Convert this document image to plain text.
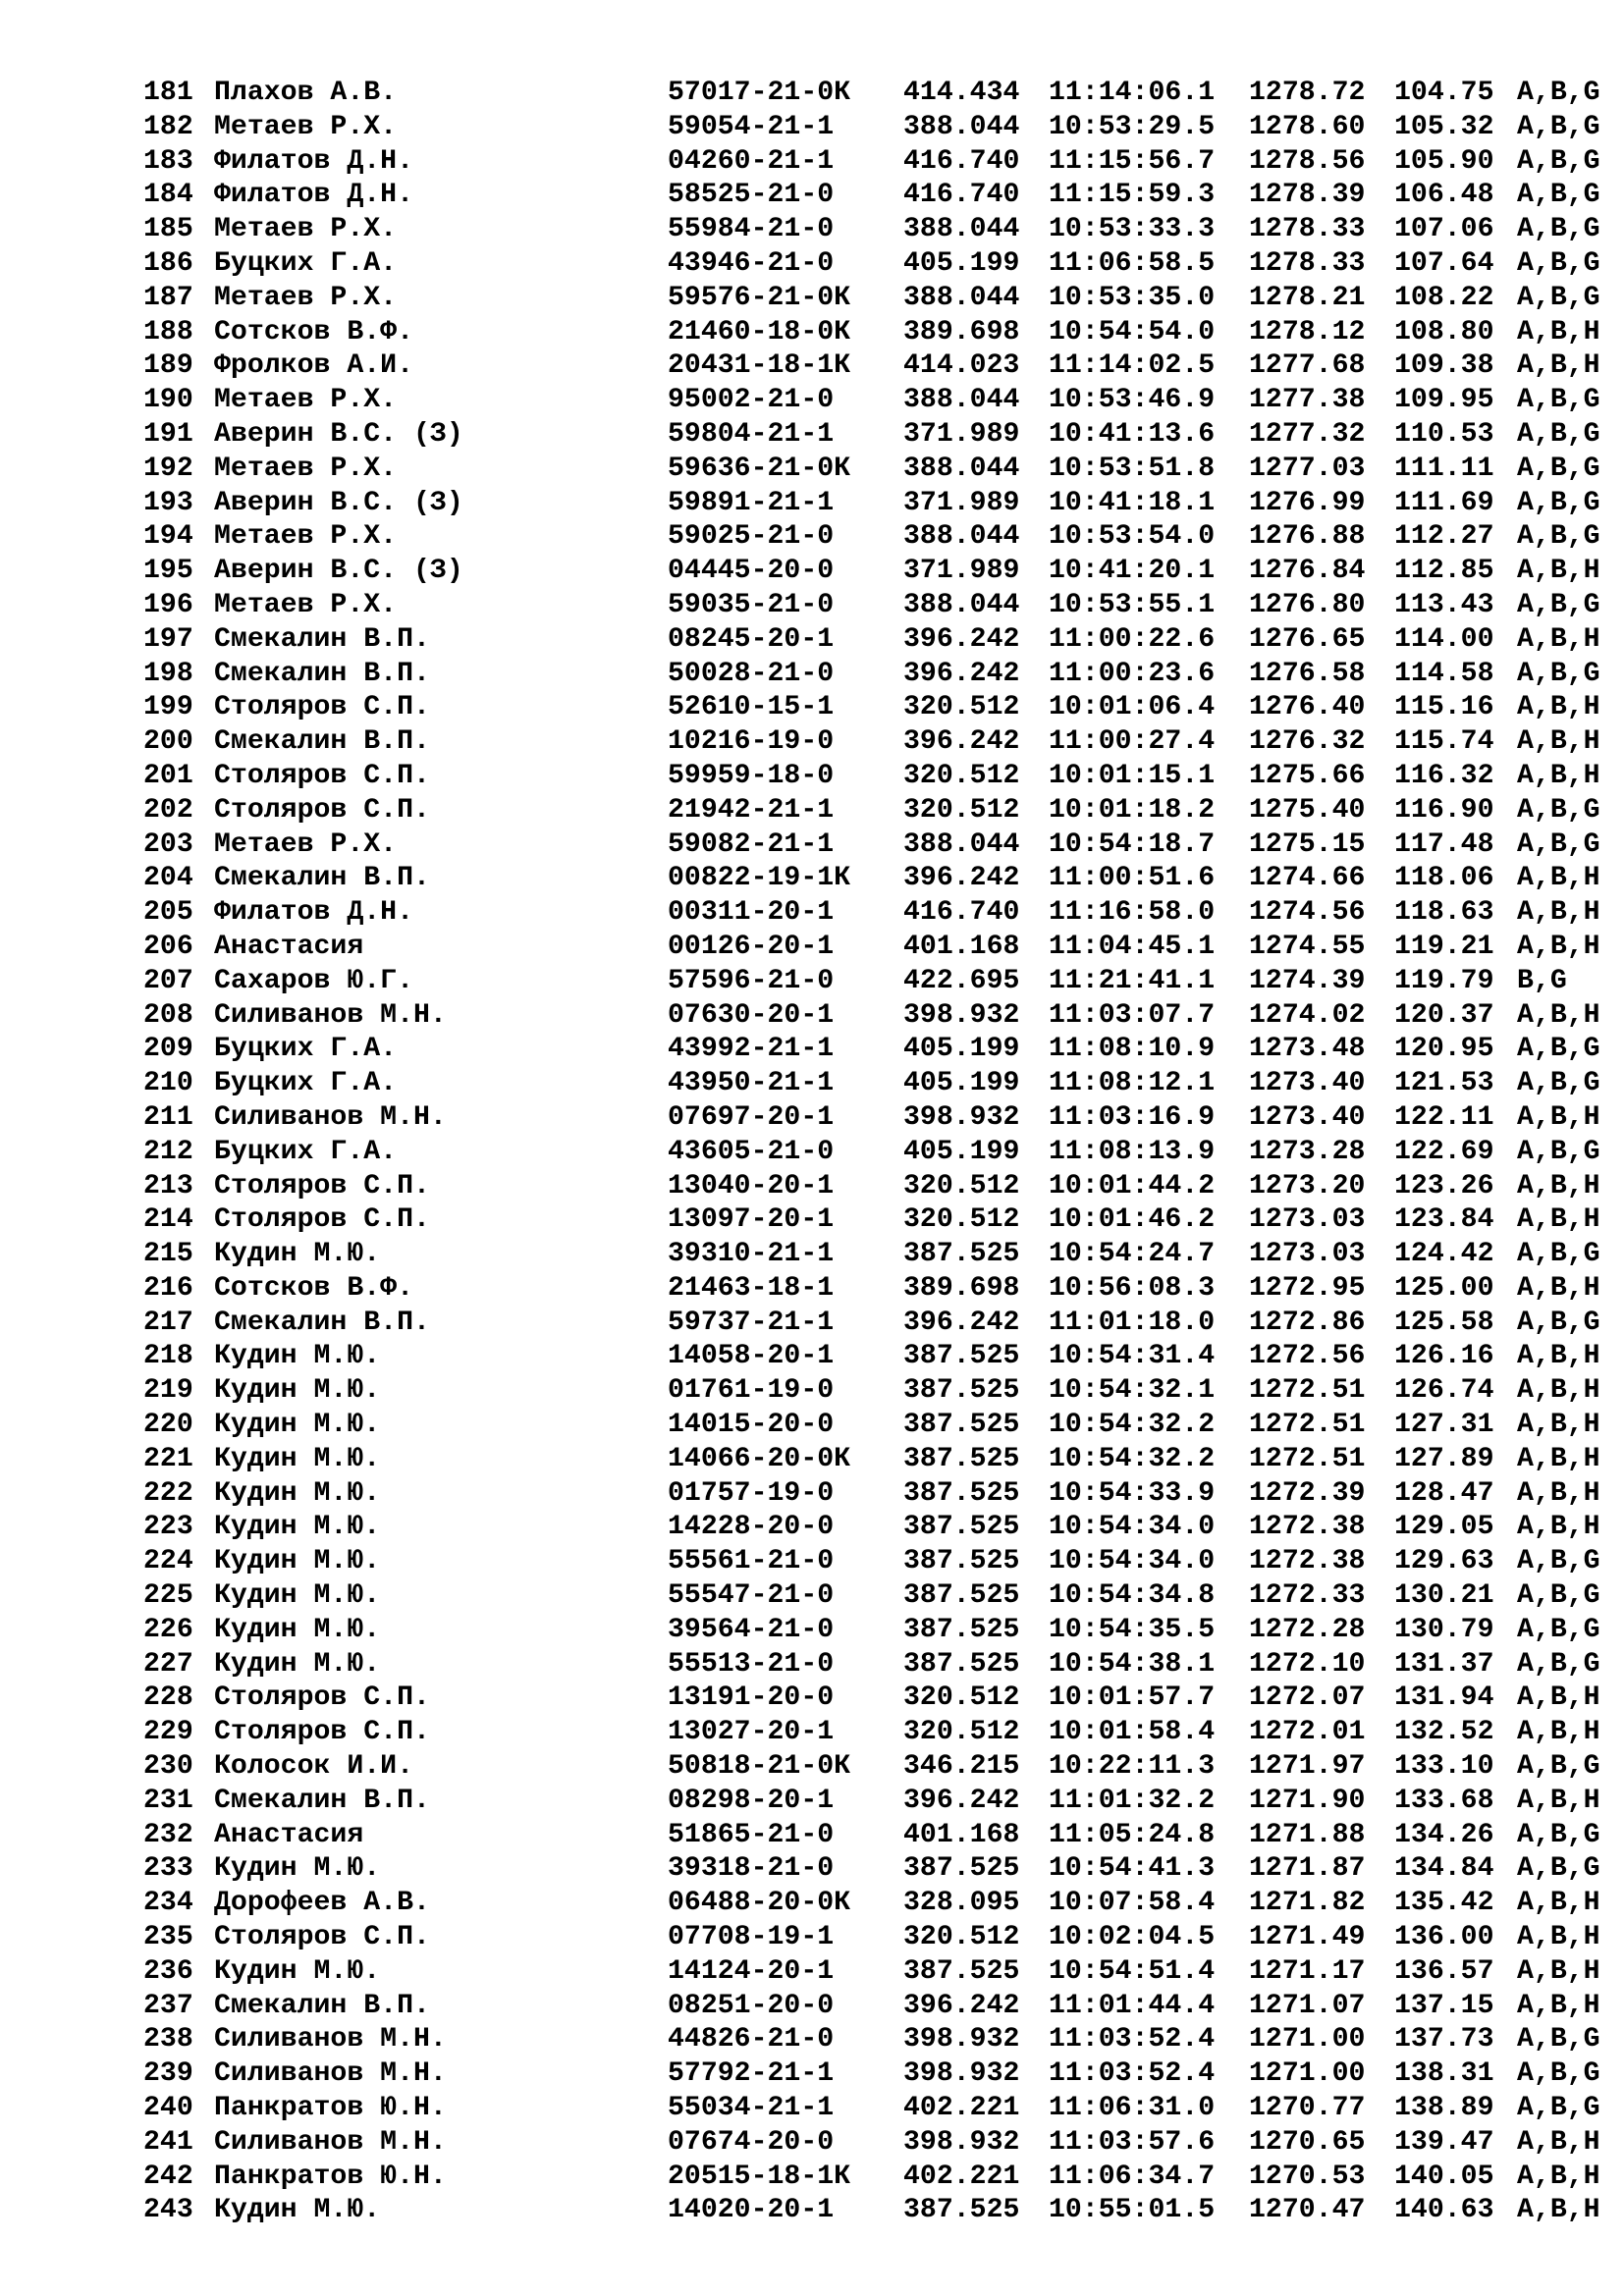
181 Плахов А.В.	57017-21-0К 414.434 11:14:06.1 1278.72 104.75 A,B,G
182 Метаев Р.Х.	59054-21-1	388.044 10:53:29.5 1278.60 105.32 A,B,G
183 Филатов Д.Н.	04260-21-1	416.740 11:15:56.7 1278.56 105.90 A,B,G
184 Филатов Д.Н.	58525-21-0	416.740 11:15:59.3 1278.39 106.48 A,B,G
185 Метаев Р.Х.	55984-21-0	388.044 10:53:33.3 1278.33 107.06 A,B,G
186 Буцких Г.А.	43946-21-0	405.199 11:06:58.5 1278.33 107.64 A,B,G
187 Метаев Р.Х.	59576-21-0К 388.044 10:53:35.0 1278.21 108.22 A,B,G
188 Сотсков В.Ф.	21460-18-0К 389.698 10:54:54.0 1278.12 108.80 A,B,H
189 Фролков А.И.	20431-18-1К 414.023 11:14:02.5 1277.68 109.38 A,B,H
190 Метаев Р.Х.	95002-21-0	388.044 10:53:46.9 1277.38 109.95 A,B,G
191 Аверин В.С. (З)	59804-21-1	371.989 10:41:13.6 1277.32 110.53 A,B,G
192 Метаев Р.Х.	59636-21-0К 388.044 10:53:51.8 1277.03 111.11 A,B,G
193 Аверин В.С. (З)	59891-21-1	371.989 10:41:18.1 1276.99 111.69 A,B,G
194 Метаев Р.Х.	59025-21-0	388.044 10:53:54.0 1276.88 112.27 A,B,G
195 Аверин В.С. (З)	04445-20-0	371.989 10:41:20.1 1276.84 112.85 A,B,H
196 Метаев Р.Х.	59035-21-0	388.044 10:53:55.1 1276.80 113.43 A,B,G
197 Смекалин В.П.	08245-20-1	396.242 11:00:22.6 1276.65 114.00 A,B,H
198 Смекалин В.П.	50028-21-0	396.242 11:00:23.6 1276.58 114.58 A,B,G
199 Столяров С.П.	52610-15-1	320.512 10:01:06.4 1276.40 115.16 A,B,H
200 Смекалин В.П.	10216-19-0	396.242 11:00:27.4 1276.32 115.74 A,B,H
201 Столяров С.П.	59959-18-0	320.512 10:01:15.1 1275.66 116.32 A,B,H
202 Столяров С.П.	21942-21-1	320.512 10:01:18.2 1275.40 116.90 A,B,G
203 Метаев Р.Х.	59082-21-1	388.044 10:54:18.7 1275.15 117.48 A,B,G
204 Смекалин В.П.	00822-19-1К 396.242 11:00:51.6 1274.66 118.06 A,B,H
205 Филатов Д.Н.	00311-20-1	416.740 11:16:58.0 1274.56 118.63 A,B,H
206 Анастасия	00126-20-1	401.168 11:04:45.1 1274.55 119.21 A,B,H
207 Сахаров Ю.Г.	57596-21-0	422.695 11:21:41.1 1274.39 119.79 B,G
208 Силиванов М.Н.	07630-20-1	398.932 11:03:07.7 1274.02 120.37 A,B,H
209 Буцких Г.А.	43992-21-1	405.199 11:08:10.9 1273.48 120.95 A,B,G
210 Буцких Г.А.	43950-21-1	405.199 11:08:12.1 1273.40 121.53 A,B,G
211 Силиванов М.Н.	07697-20-1	398.932 11:03:16.9 1273.40 122.11 A,B,H
212 Буцких Г.А.	43605-21-0	405.199 11:08:13.9 1273.28 122.69 A,B,G
213 Столяров С.П.	13040-20-1	320.512 10:01:44.2 1273.20 123.26 A,B,H
214 Столяров С.П.	13097-20-1	320.512 10:01:46.2 1273.03 123.84 A,B,H
215 Кудин М.Ю.	39310-21-1	387.525 10:54:24.7 1273.03 124.42 A,B,G
216 Сотсков В.Ф.	21463-18-1	389.698 10:56:08.3 1272.95 125.00 A,B,H
217 Смекалин В.П.	59737-21-1	396.242 11:01:18.0 1272.86 125.58 A,B,G
218 Кудин М.Ю.	14058-20-1	387.525 10:54:31.4 1272.56 126.16 A,B,H
219 Кудин М.Ю.	01761-19-0	387.525 10:54:32.1 1272.51 126.74 A,B,H
220 Кудин М.Ю.	14015-20-0	387.525 10:54:32.2 1272.51 127.31 A,B,H
221 Кудин М.Ю.	14066-20-0К 387.525 10:54:32.2 1272.51 127.89 A,B,H
222 Кудин М.Ю.	01757-19-0	387.525 10:54:33.9 1272.39 128.47 A,B,H
223 Кудин М.Ю.	14228-20-0	387.525 10:54:34.0 1272.38 129.05 A,B,H
224 Кудин М.Ю.	55561-21-0	387.525 10:54:34.0 1272.38 129.63 A,B,G
225 Кудин М.Ю.	55547-21-0	387.525 10:54:34.8 1272.33 130.21 A,B,G
226 Кудин М.Ю.	39564-21-0	387.525 10:54:35.5 1272.28 130.79 A,B,G
227 Кудин М.Ю.	55513-21-0	387.525 10:54:38.1 1272.10 131.37 A,B,G
228 Столяров С.П.	13191-20-0	320.512 10:01:57.7 1272.07 131.94 A,B,H
229 Столяров С.П.	13027-20-1	320.512 10:01:58.4 1272.01 132.52 A,B,H
230 Колосок И.И.	50818-21-0К 346.215 10:22:11.3 1271.97 133.10 A,B,G
231 Смекалин В.П.	08298-20-1	396.242 11:01:32.2 1271.90 133.68 A,B,H
232 Анастасия	51865-21-0	401.168 11:05:24.8 1271.88 134.26 A,B,G
233 Кудин М.Ю.	39318-21-0	387.525 10:54:41.3 1271.87 134.84 A,B,G
234 Дорофеев А.В.	06488-20-0К 328.095 10:07:58.4 1271.82 135.42 A,B,H
235 Столяров С.П.	07708-19-1	320.512 10:02:04.5 1271.49 136.00 A,B,H
236 Кудин М.Ю.	14124-20-1	387.525 10:54:51.4 1271.17 136.57 A,B,H
237 Смекалин В.П.	08251-20-0	396.242 11:01:44.4 1271.07 137.15 A,B,H
238 Силиванов М.Н.	44826-21-0	398.932 11:03:52.4 1271.00 137.73 A,B,G
239 Силиванов М.Н.	57792-21-1	398.932 11:03:52.4 1271.00 138.31 A,B,G
240 Панкратов Ю.Н.	55034-21-1	402.221 11:06:31.0 1270.77 138.89 A,B,G
241 Силиванов М.Н.	07674-20-0	398.932 11:03:57.6 1270.65 139.47 A,B,H
242 Панкратов Ю.Н.	20515-18-1К 402.221 11:06:34.7 1270.53 140.05 A,B,H
243 Кудин М.Ю.	14020-20-1	387.525 10:55:01.5 1270.47 140.63 A,B,H
